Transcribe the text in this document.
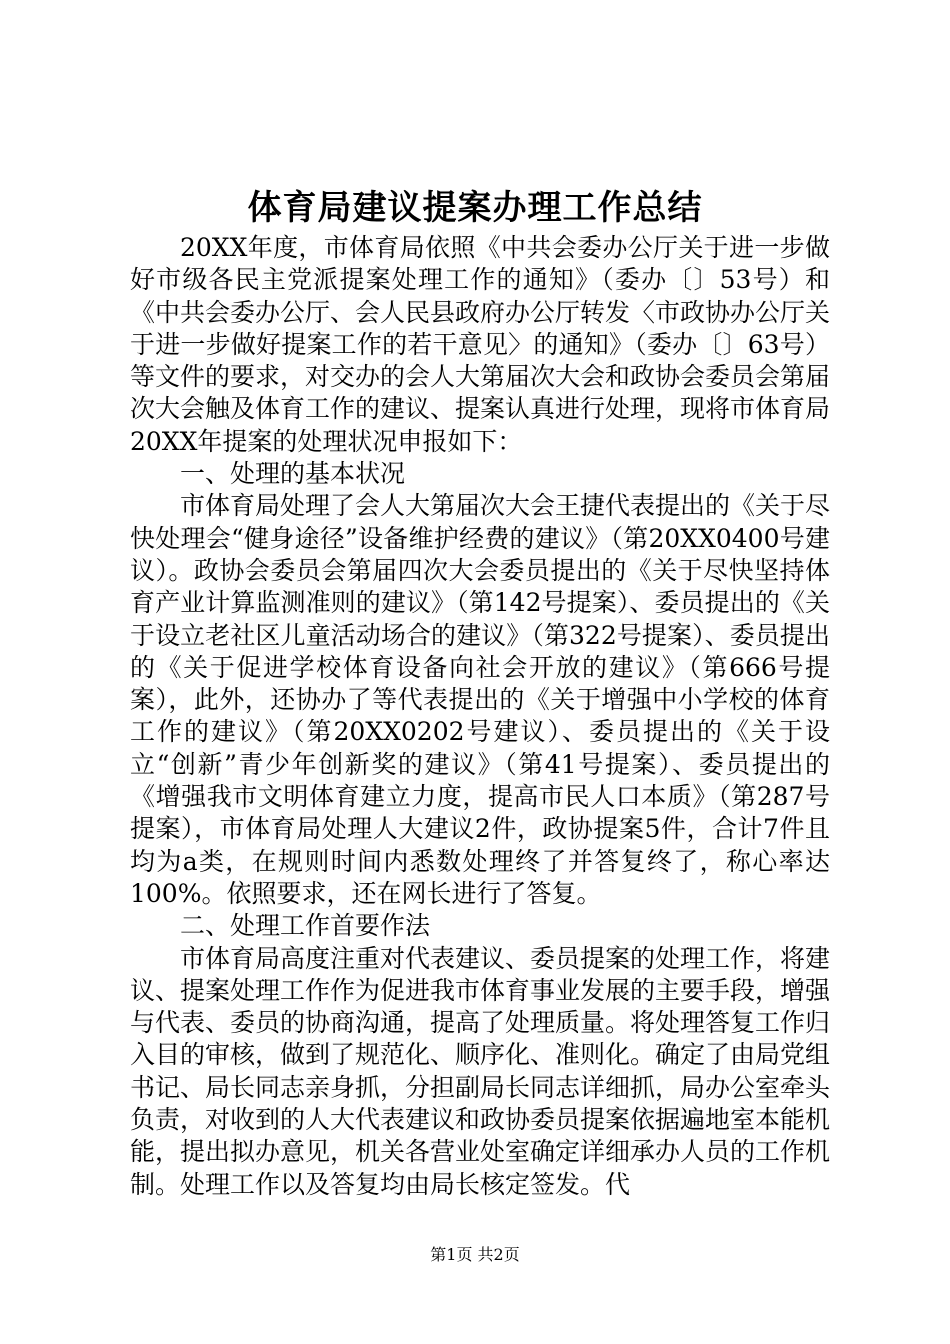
体育局建议提案办理工作总结

20XX年度，市体育局依照《中共会委办公厅关于进一步做好市级各民主党派提案处理工作的通知》（委办〔〕53号）和《中共会委办公厅、会人民县政府办公厅转发〈市政协办公厅关于进一步做好提案工作的若干意见〉的通知》（委办〔〕63号）等文件的要求，对交办的会人大第届次大会和政协会委员会第届次大会触及体育工作的建议、提案认真进行处理，现将市体育局20XX年提案的处理状况申报如下：

一、处理的基本状况

市体育局处理了会人大第届次大会王捷代表提出的《关于尽快处理会“健身途径”设备维护经费的建议》（第20XX0400号建议）。政协会委员会第届四次大会委员提出的《关于尽快坚持体育产业计算监测准则的建议》（第142号提案）、委员提出的《关于设立老社区儿童活动场合的建议》（第322号提案）、委员提出的《关于促进学校体育设备向社会开放的建议》（第666号提案），此外，还协办了等代表提出的《关于增强中小学校的体育工作的建议》（第20XX0202号建议）、委员提出的《关于设立“创新”青少年创新奖的建议》（第41号提案）、委员提出的《增强我市文明体育建立力度，提高市民人口本质》（第287号提案），市体育局处理人大建议2件，政协提案5件，合计7件且均为a类，在规则时间内悉数处理终了并答复终了，称心率达100%。依照要求，还在网长进行了答复。

二、处理工作首要作法

市体育局高度注重对代表建议、委员提案的处理工作，将建议、提案处理工作作为促进我市体育事业发展的主要手段，增强与代表、委员的协商沟通，提高了处理质量。将处理答复工作归入目的审核，做到了规范化、顺序化、准则化。确定了由局党组书记、局长同志亲身抓，分担副局长同志详细抓，局办公室牵头负责，对收到的人大代表建议和政协委员提案依据遍地室本能机能，提出拟办意见，机关各营业处室确定详细承办人员的工作机制。处理工作以及答复均由局长核定签发。代

第1页 共2页
